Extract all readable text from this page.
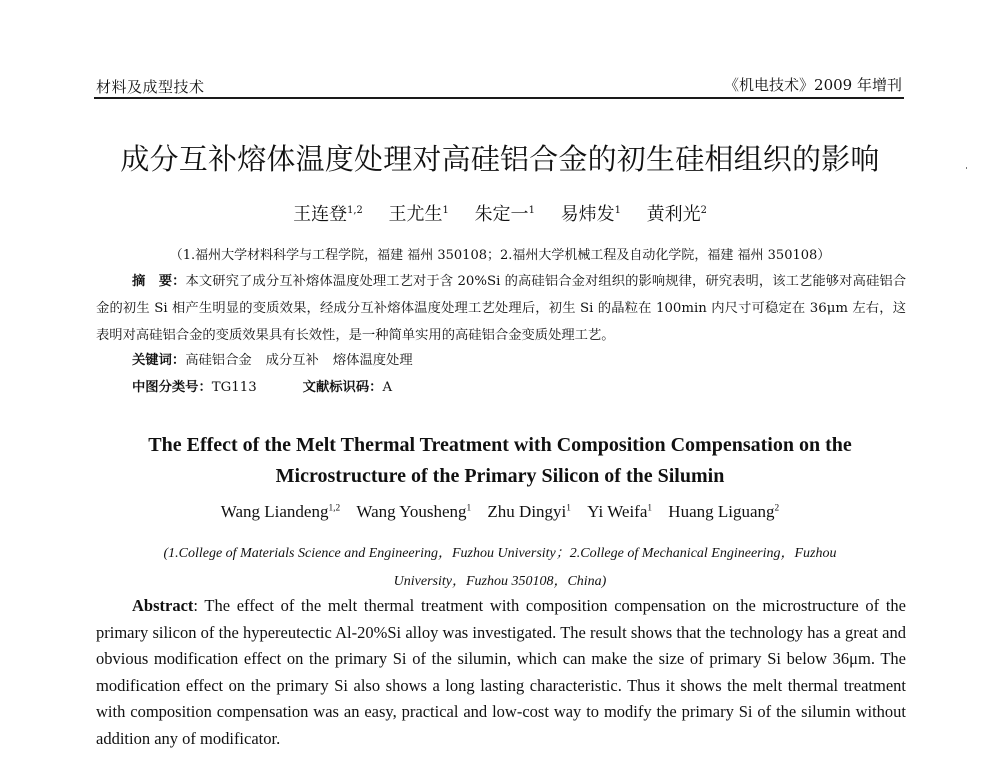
材料及成型技术	《机电技术》2009 年增刊
成分互补熔体温度处理对高硅铝合金的初生硅相组织的影响
王连登$^{1,2}$ 王尤生$^1$ 朱定一$^1$ 易炜发$^1$ 黄利光$^2$
（1.福州大学材料科学与工程学院，福建 福州 350108；2.福州大学机械工程及自动化学院，福建 福州 350108）
摘　要：本文研究了成分互补熔体温度处理工艺对于含 20%Si 的高硅铝合金对组织的影响规律，研究表明，该工艺能够对高硅铝合金的初生 Si 相产生明显的变质效果，经成分互补熔体温度处理工艺处理后，初生 Si 的晶粒在 100min 内尺寸可稳定在 36μm 左右，这表明对高硅铝合金的变质效果具有长效性，是一种简单实用的高硅铝合金变质处理工艺。
关键词：高硅铝合金 成分互补 熔体温度处理
中图分类号：TG113	文献标识码：A
The Effect of the Melt Thermal Treatment with Composition Compensation on the
Microstructure of the Primary Silicon of the Silumin
Wang Liandeng$^{1,2}$ Wang Yousheng$^1$ Zhu Dingyi$^1$ Yi Weifa$^1$ Huang Liguang$^2$
(1.College of Materials Science and Engineering，Fuzhou University；2.College of Mechanical Engineering，Fuzhou University，Fuzhou 350108，China)
Abstract: The effect of the melt thermal treatment with composition compensation on the microstructure of the primary silicon of the hypereutectic Al-20%Si alloy was investigated. The result shows that the technology has a great and obvious modification effect on the primary Si of the silumin, which can make the size of primary Si below 36μm. The modification effect on the primary Si also shows a long lasting characteristic. Thus it shows the melt thermal treatment with composition compensation was an easy, practical and low-cost way to modify the primary Si of the silumin without addition any of modificator.
